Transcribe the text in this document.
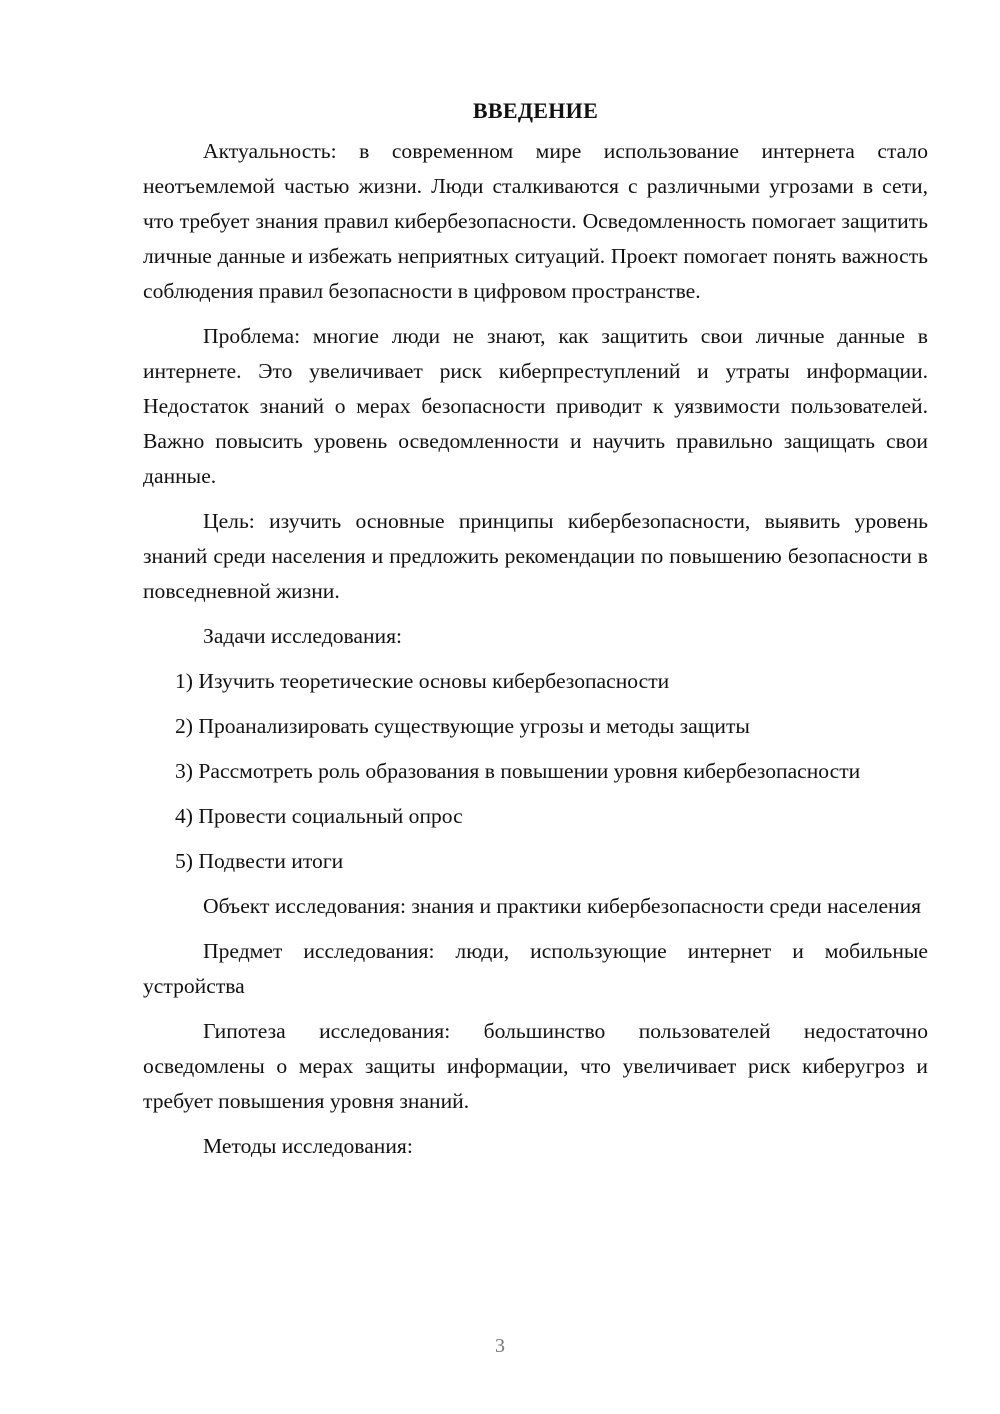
ВВЕДЕНИЕ

Актуальность: в современном мире использование интернета стало неотъемлемой частью жизни. Люди сталкиваются с различными угрозами в сети, что требует знания правил кибербезопасности. Осведомленность помогает защитить личные данные и избежать неприятных ситуаций. Проект помогает понять важность соблюдения правил безопасности в цифровом пространстве.

Проблема: многие люди не знают, как защитить свои личные данные в интернете. Это увеличивает риск киберпреступлений и утраты информации. Недостаток знаний о мерах безопасности приводит к уязвимости пользователей. Важно повысить уровень осведомленности и научить правильно защищать свои данные.

Цель: изучить основные принципы кибербезопасности, выявить уровень знаний среди населения и предложить рекомендации по повышению безопасности в повседневной жизни.

Задачи исследования:

1) Изучить теоретические основы кибербезопасности

2) Проанализировать существующие угрозы и методы защиты

3) Рассмотреть роль образования в повышении уровня кибербезопасности

4) Провести социальный опрос

5) Подвести итоги

Объект исследования: знания и практики кибербезопасности среди населения

Предмет исследования: люди, использующие интернет и мобильные устройства

Гипотеза исследования: большинство пользователей недостаточно осведомлены о мерах защиты информации, что увеличивает риск киберугроз и требует повышения уровня знаний.

Методы исследования:

3
